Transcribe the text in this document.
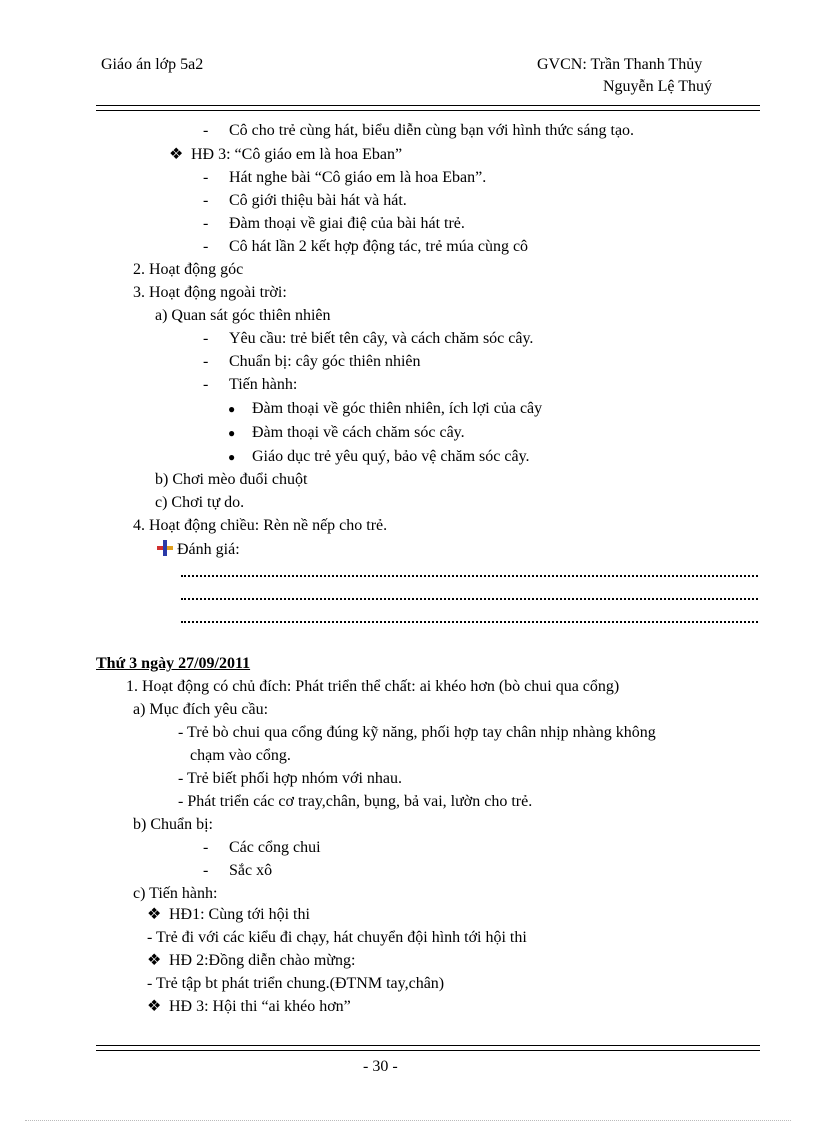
Giáo án lớp 5a2	GVCN: Trần Thanh Thủy
Nguyễn Lệ Thuý
- Cô cho trẻ cùng hát, biểu diễn cùng bạn với hình thức sáng tạo.
❖ HĐ 3: “Cô giáo em là hoa Eban”
- Hát nghe bài “Cô giáo em là hoa Eban”.
- Cô giới thiệu bài hát và hát.
- Đàm thoại về giai điệ của bài hát trẻ.
- Cô hát lần 2 kết hợp động tác, trẻ múa cùng cô
2. Hoạt động góc
3. Hoạt động ngoài trời:
a) Quan sát góc thiên nhiên
- Yêu cầu: trẻ biết tên cây, và cách chăm sóc cây.
- Chuẩn bị: cây góc thiên nhiên
- Tiến hành:
● Đàm thoại về góc thiên nhiên, ích lợi của cây
● Đàm thoại về cách chăm sóc cây.
● Giáo dục trẻ yêu quý, bảo vệ chăm sóc cây.
b) Chơi mèo đuổi chuột
c) Chơi tự do.
4. Hoạt động chiều: Rèn nề nếp cho trẻ.
Đánh giá:
Thứ 3 ngày 27/09/2011
1. Hoạt động có chủ đích: Phát triển thể chất: ai khéo hơn (bò chui qua cổng)
a) Mục đích yêu cầu:
- Trẻ bò chui qua cổng đúng kỹ năng, phối hợp tay chân nhịp nhàng không
chạm vào cổng.
- Trẻ biết phối hợp nhóm với nhau.
- Phát triển các cơ tray,chân, bụng, bả vai, lườn cho trẻ.
b) Chuẩn bị:
- Các cổng chui
- Sắc xô
c) Tiến hành:
❖ HĐ1: Cùng tới hội thi
- Trẻ đi với các kiểu đi chạy, hát chuyển đội hình tới hội thi
❖ HĐ 2:Đồng diễn chào mừng:
- Trẻ tập bt phát triển chung.(ĐTNM tay,chân)
❖ HĐ 3: Hội thi “ai khéo hơn”
- 30 -
